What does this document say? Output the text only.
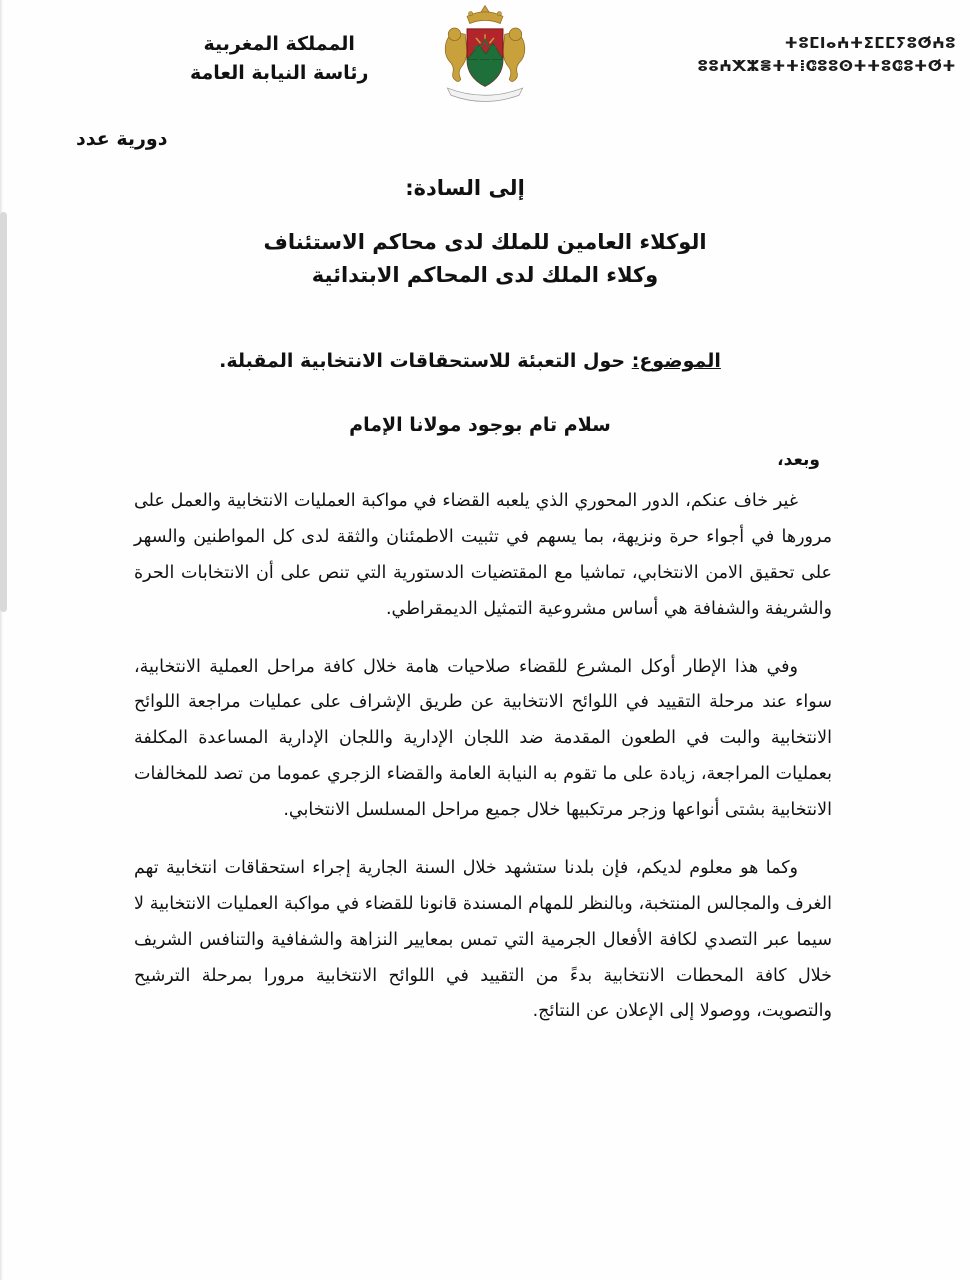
ⵜⵓⵎⵏⴰⵄⵜⵉⵎⵎⵢⵓⵚⵄⵓ
ⵓⵓⵄⵅⵣⴻⵜⵜⵂⵛⵓⵓⵙⵜⵜⵓⵛⵓⵜⵚⵜ
المملكة المغربية
رئاسة النيابة العامة
دورية عدد
إلى السادة:
الوكلاء العامين للملك لدى محاكم الاستئناف
وكلاء الملك لدى المحاكم الابتدائية
الموضوع: حول التعبئة للاستحقاقات الانتخابية المقبلة.
سلام تام بوجود مولانا الإمام
وبعد،

غير خاف عنكم، الدور المحوري الذي يلعبه القضاء في مواكبة العمليات الانتخابية والعمل على مرورها في أجواء حرة ونزيهة، بما يسهم في تثبيت الاطمئنان والثقة لدى كل المواطنين والسهر على تحقيق الامن الانتخابي، تماشيا مع المقتضيات الدستورية التي تنص على أن الانتخابات الحرة والشريفة والشفافة هي أساس مشروعية التمثيل الديمقراطي.

وفي هذا الإطار أوكل المشرع للقضاء صلاحيات هامة خلال كافة مراحل العملية الانتخابية، سواء عند مرحلة التقييد في اللوائح الانتخابية عن طريق الإشراف على عمليات مراجعة اللوائح الانتخابية والبت في الطعون المقدمة ضد اللجان الإدارية واللجان الإدارية المساعدة المكلفة بعمليات المراجعة، زيادة على ما تقوم به النيابة العامة والقضاء الزجري عموما من تصد للمخالفات الانتخابية بشتى أنواعها وزجر مرتكبيها خلال جميع مراحل المسلسل الانتخابي.

وكما هو معلوم لديكم، فإن بلدنا ستشهد خلال السنة الجارية إجراء استحقاقات انتخابية تهم الغرف والمجالس المنتخبة، وبالنظر للمهام المسندة قانونا للقضاء في مواكبة العمليات الانتخابية لا سيما عبر التصدي لكافة الأفعال الجرمية التي تمس بمعايير النزاهة والشفافية والتنافس الشريف خلال كافة المحطات الانتخابية بدءً من التقييد في اللوائح الانتخابية مرورا بمرحلة الترشيح والتصويت، ووصولا إلى الإعلان عن النتائج.
